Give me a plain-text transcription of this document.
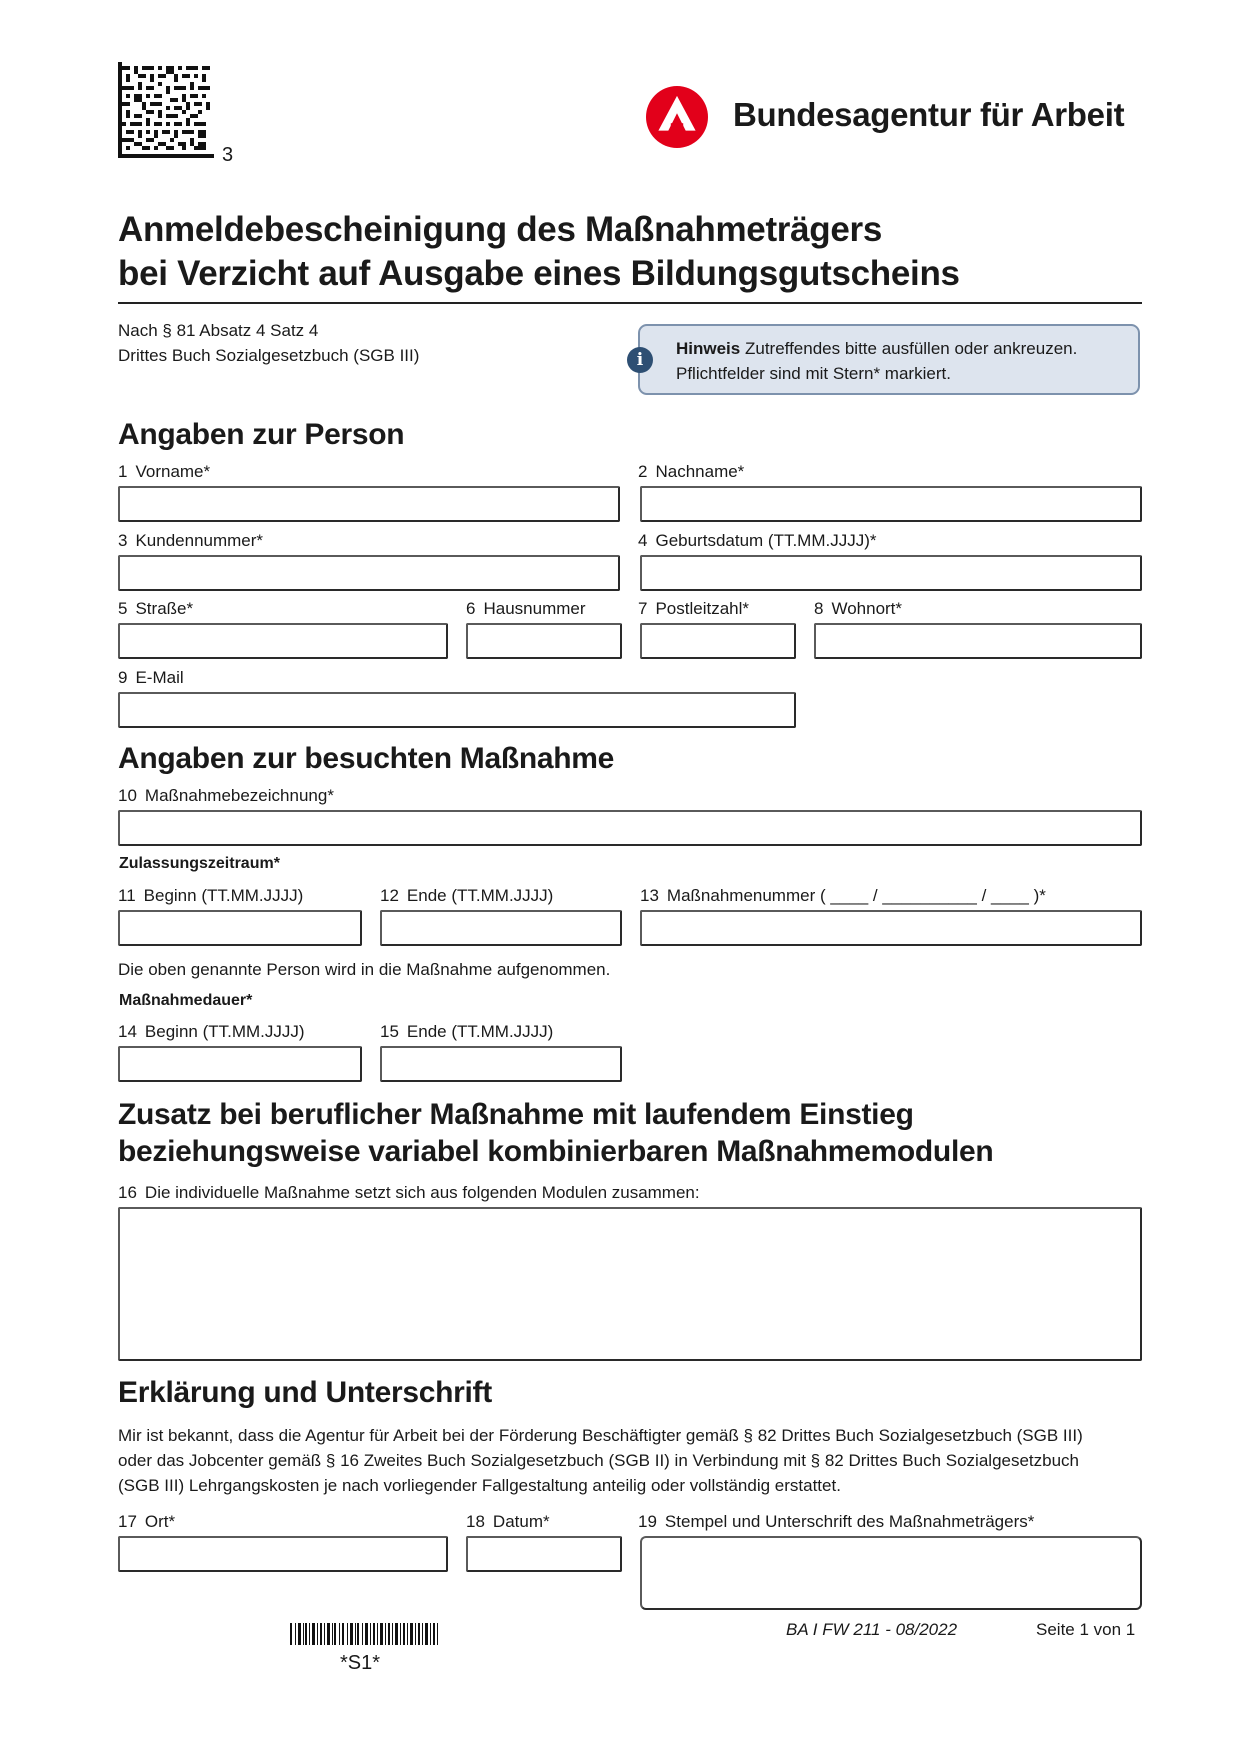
3
Bundesagentur für Arbeit
Anmeldebescheinigung des Maßnahmeträgers
bei Verzicht auf Ausgabe eines Bildungsgutscheins
Nach § 81 Absatz 4 Satz 4
Drittes Buch Sozialgesetzbuch (SGB III)	i
Hinweis Zutreffendes bitte ausfüllen oder ankreuzen.
Pflichtfelder sind mit Stern* markiert.
Angaben zur Person
1 Vorname*	2 Nachname*
3 Kundennummer*	4 Geburtsdatum (TT.MM.JJJJ)*
5 Straße*	6 Hausnummer	7 Postleitzahl*	8 Wohnort*
9 E-Mail
Angaben zur besuchten Maßnahme
10 Maßnahmebezeichnung*
Zulassungszeitraum*
11 Beginn (TT.MM.JJJJ)	12 Ende (TT.MM.JJJJ)	13 Maßnahmenummer ( ____ / __________ / ____ )*
Die oben genannte Person wird in die Maßnahme aufgenommen.
Maßnahmedauer*
14 Beginn (TT.MM.JJJJ)	15 Ende (TT.MM.JJJJ)
Zusatz bei beruflicher Maßnahme mit laufendem Einstieg
beziehungsweise variabel kombinierbaren Maßnahmemodulen
16 Die individuelle Maßnahme setzt sich aus folgenden Modulen zusammen:
Erklärung und Unterschrift
Mir ist bekannt, dass die Agentur für Arbeit bei der Förderung Beschäftigter gemäß § 82 Drittes Buch Sozialgesetzbuch (SGB III)
oder das Jobcenter gemäß § 16 Zweites Buch Sozialgesetzbuch (SGB II) in Verbindung mit § 82 Drittes Buch Sozialgesetzbuch
(SGB III) Lehrgangskosten je nach vorliegender Fallgestaltung anteilig oder vollständig erstattet.
17 Ort*	18 Datum*	19 Stempel und Unterschrift des Maßnahmeträgers*
*S1*
BA I FW 211 - 08/2022	Seite 1 von 1
